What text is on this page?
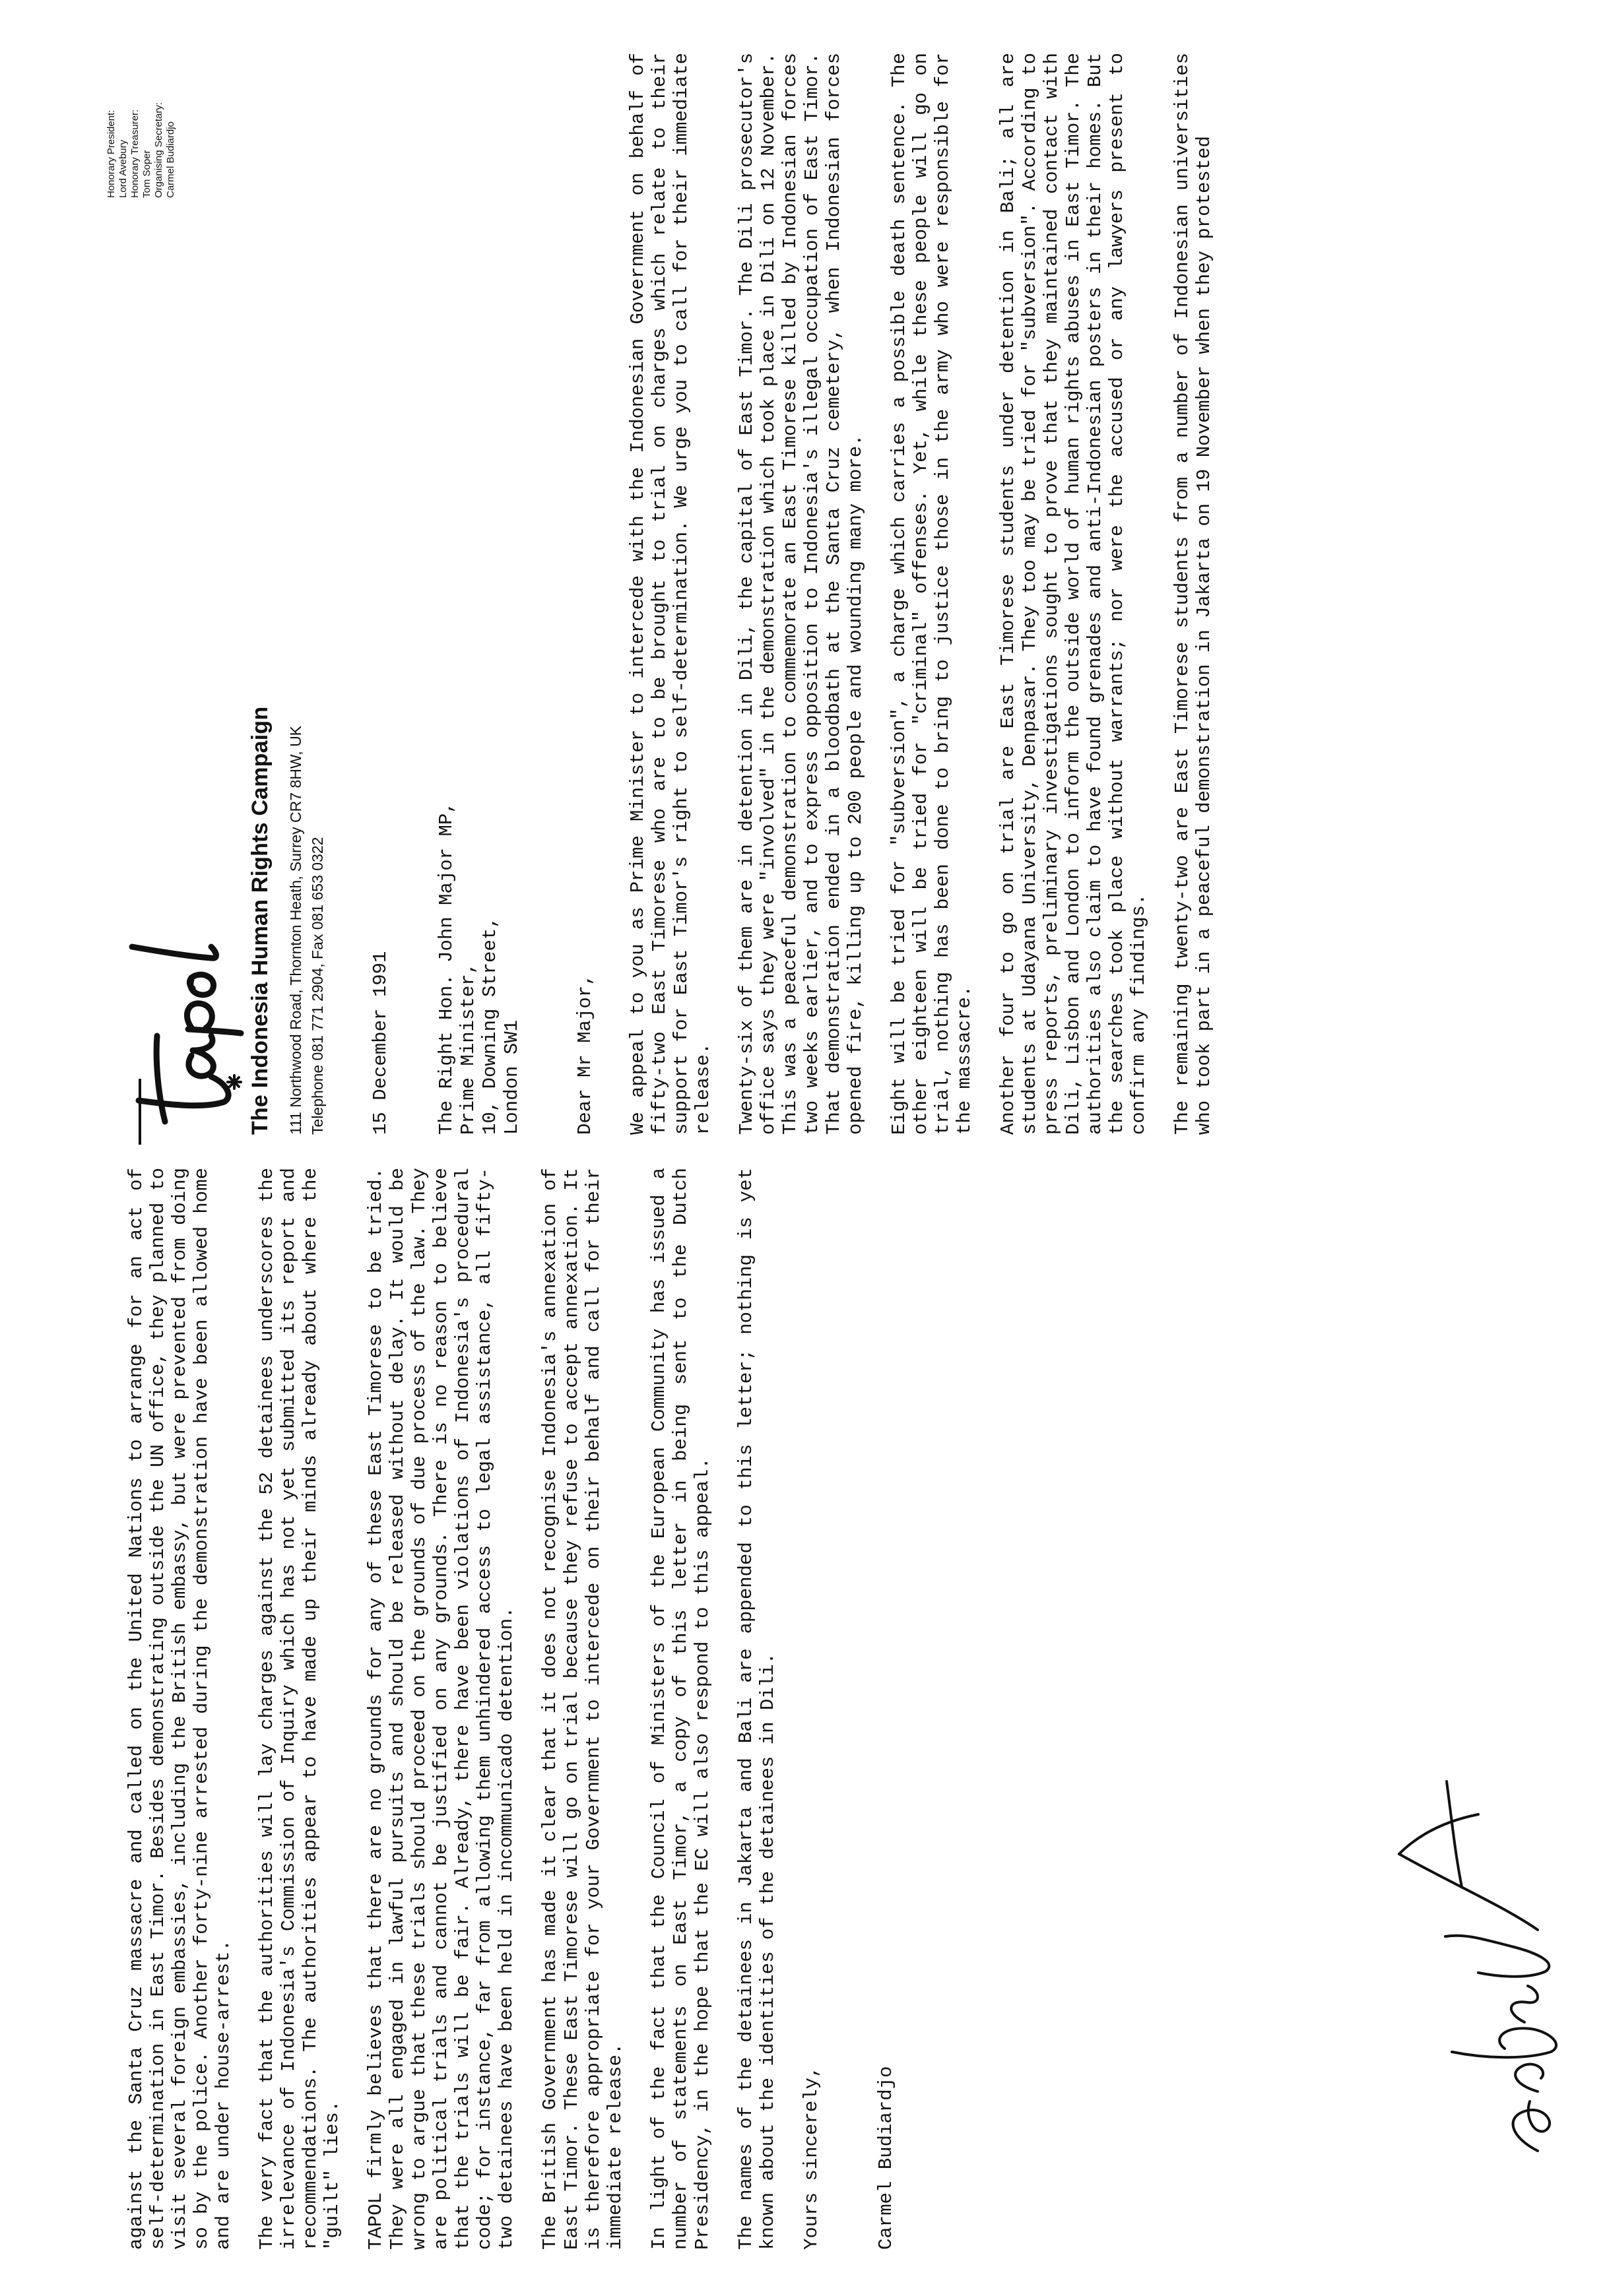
The Indonesia Human Rights Campaign 111 Northwood Road, Thornton Heath, Surrey CR7 8HW, UK Telephone 081 771 2904, Fax 081 653 0322
Honorary President: Lord Avebury Honorary Treasurer: Tom Soper Organising Secretary: Carmel Budiardjo
15 December 1991 The Right Hon. John Major MP, Prime Minister, 10, Downing Street, London SW1	Dear Mr Major, We appeal to you as Prime Minister to intercede with the Indonesian Government on behalf of fifty-two East Timorese who are to be brought to trial on charges which relate to their support for East Timor's right to self-determination. We urge you to call for their immediate release. Twenty-six of them are in detention in Dili, the capital of East Timor. The Dili prosecutor's office says they were "involved" in the demonstration which took place in Dili on 12 November. This was a peaceful demonstration to commemorate an East Timorese killed by Indonesian forces two weeks earlier, and to express opposition to Indonesia's illegal occupation of East Timor. That demonstration ended in a bloodbath at the Santa Cruz cemetery, when Indonesian forces opened fire, killing up to 200 people and wounding many more. Eight will be tried for "subversion", a charge which carries a possible death sentence. The other eighteen will be tried for "criminal" offenses. Yet, while these people will go on trial, nothing has been done to bring to justice those in the army who were responsible for the massacre. Another four to go on trial are East Timorese students under detention in Bali; all are students at Udayana University, Denpasar. They too may be tried for "subversion". According to press reports, preliminary investigations sought to prove that they maintained contact with Dili, Lisbon and London to inform the outside world of human rights abuses in East Timor. The authorities also claim to have found grenades and anti-Indonesian posters in their homes. But the searches took place without warrants; nor were the accused or any lawyers present to confirm any findings. The remaining twenty-two are East Timorese students from a number of Indonesian universities who took part in a peaceful demonstration in Jakarta on 19 November when they protested

against the Santa Cruz massacre and called on the United Nations to arrange for an act of self-determination in East Timor. Besides demonstrating outside the UN office, they planned to visit several foreign embassies, including the British embassy, but were prevented from doing so by the police. Another forty-nine arrested during the demonstration have been allowed home and are under house-arrest. The very fact that the authorities will lay charges against the 52 detainees underscores the irrelevance of Indonesia's Commission of Inquiry which has not yet submitted its report and recommendations. The authorities appear to have made up their minds already about where the "guilt" lies. TAPOL firmly believes that there are no grounds for any of these East Timorese to be tried. They were all engaged in lawful pursuits and should be released without delay. It would be wrong to argue that these trials should proceed on the grounds of due process of the law. They are political trials and cannot be justified on any grounds. There is no reason to believe that the trials will be fair. Already, there have been violations of Indonesia's procedural code; for instance, far from allowing them unhindered access to legal assistance, all fifty-two detainees have been held in incommunicado detention. The British Government has made it clear that it does not recognise Indonesia's annexation of East Timor. These East Timorese will go on trial because they refuse to accept annexation. It is therefore appropriate for your Government to intercede on their behalf and call for their immediate release. In light of the fact that the Council of Ministers of the European Community has issued a number of statements on East Timor, a copy of this letter in being sent to the Dutch Presidency, in the hope that the EC will also respond to this appeal. The names of the detainees in Jakarta and Bali are appended to this letter; nothing is yet known about the identities of the detainees in Dili. Yours sincerely,	Carmel Budiardjo
